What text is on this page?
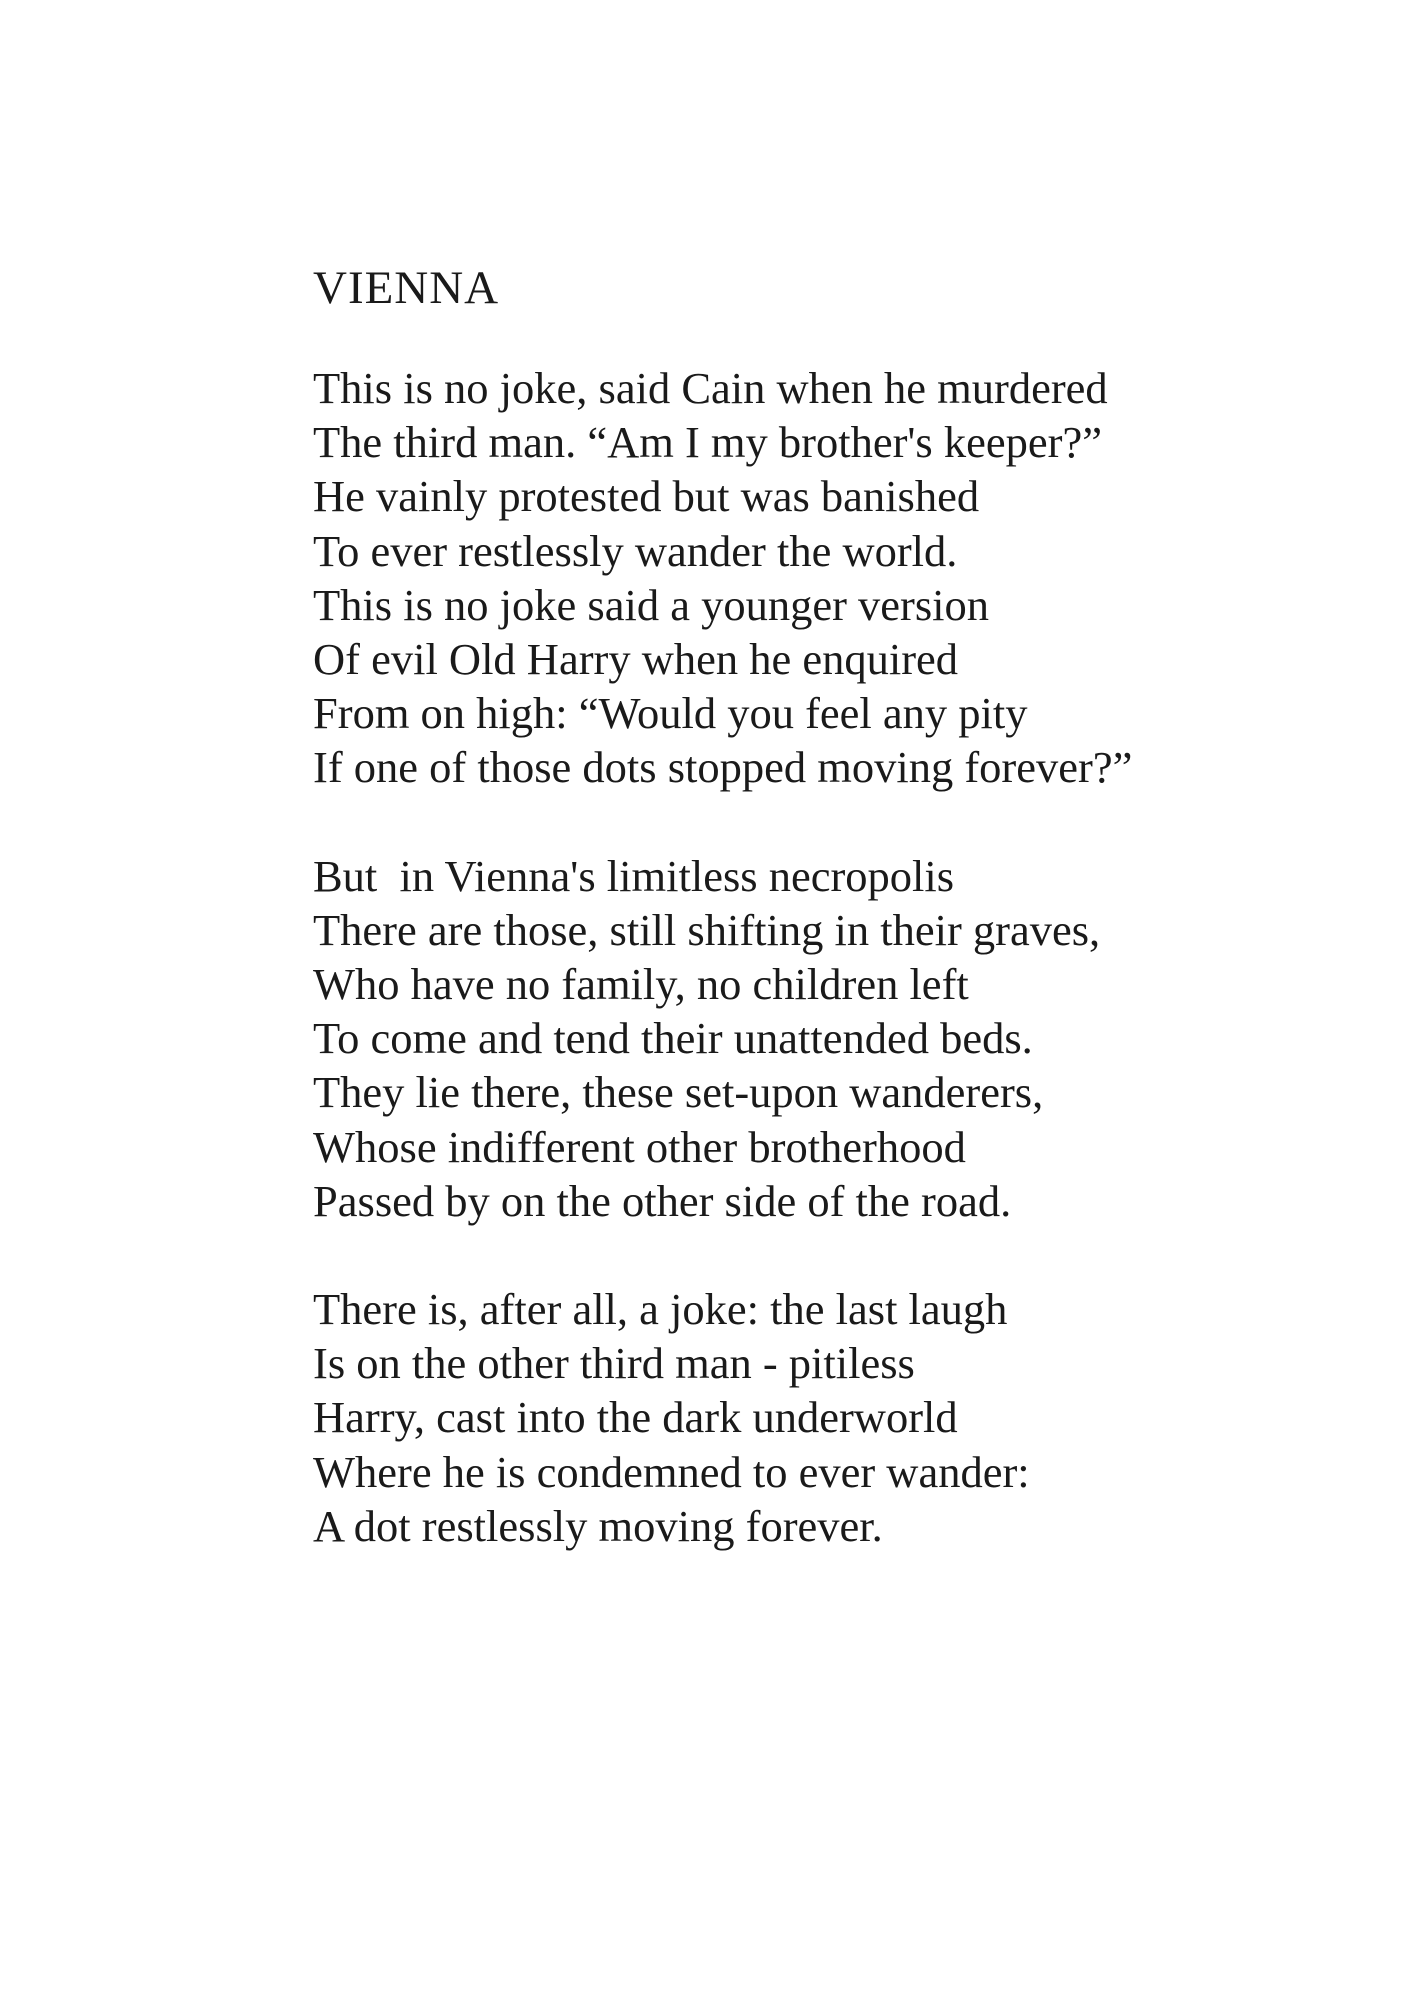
VIENNA
This is no joke, said Cain when he murdered
The third man. “Am I my brother's keeper?”
He vainly protested but was banished
To ever restlessly wander the world.
This is no joke said a younger version
Of evil Old Harry when he enquired
From on high: “Would you feel any pity
If one of those dots stopped moving forever?”
But  in Vienna's limitless necropolis
There are those, still shifting in their graves,
Who have no family, no children left
To come and tend their unattended beds.
They lie there, these set-upon wanderers,
Whose indifferent other brotherhood
Passed by on the other side of the road.
There is, after all, a joke: the last laugh
Is on the other third man - pitiless
Harry, cast into the dark underworld
Where he is condemned to ever wander:
A dot restlessly moving forever.
